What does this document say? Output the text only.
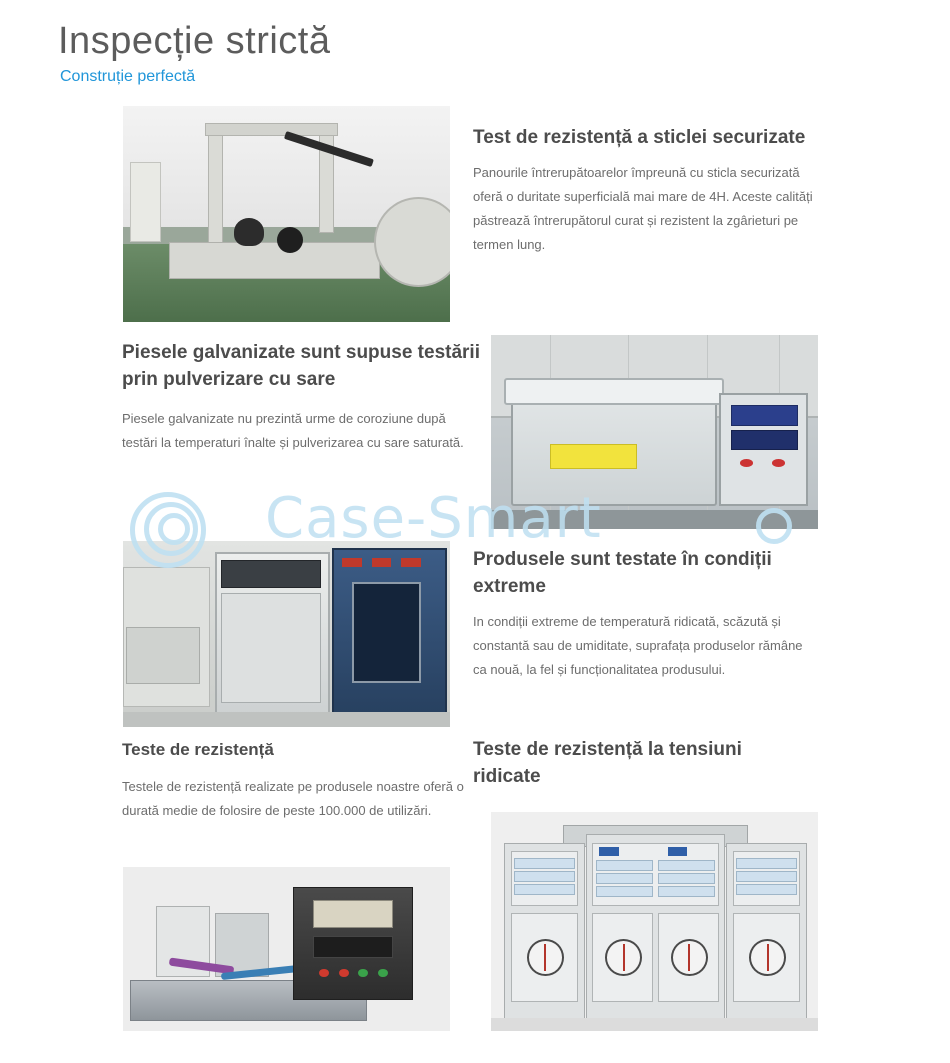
Inspecție strictă
Construție perfectă
Test de rezistență a sticlei securizate

Panourile întrerupătoarelor împreună cu sticla securizată oferă o duritate superficială mai mare de 4H. Aceste calități păstrează întrerupătorul curat și rezistent la zgârieturi pe termen lung.

Piesele galvanizate sunt supuse testării prin pulverizare cu sare

Piesele galvanizate nu prezintă urme de coroziune după testări la temperaturi înalte și pulverizarea cu sare saturată.

Produsele sunt testate în condiții extreme

In condiții extreme de temperatură ridicată, scăzută și constantă sau de umiditate, suprafața produselor rămâne ca nouă, la fel și funcționalitatea produsului.

Teste de rezistență

Testele de rezistență realizate pe produsele noastre oferă o durată medie de folosire de peste 100.000 de utilizări.

Teste de rezistență la tensiuni ridicate
Case-Smart
